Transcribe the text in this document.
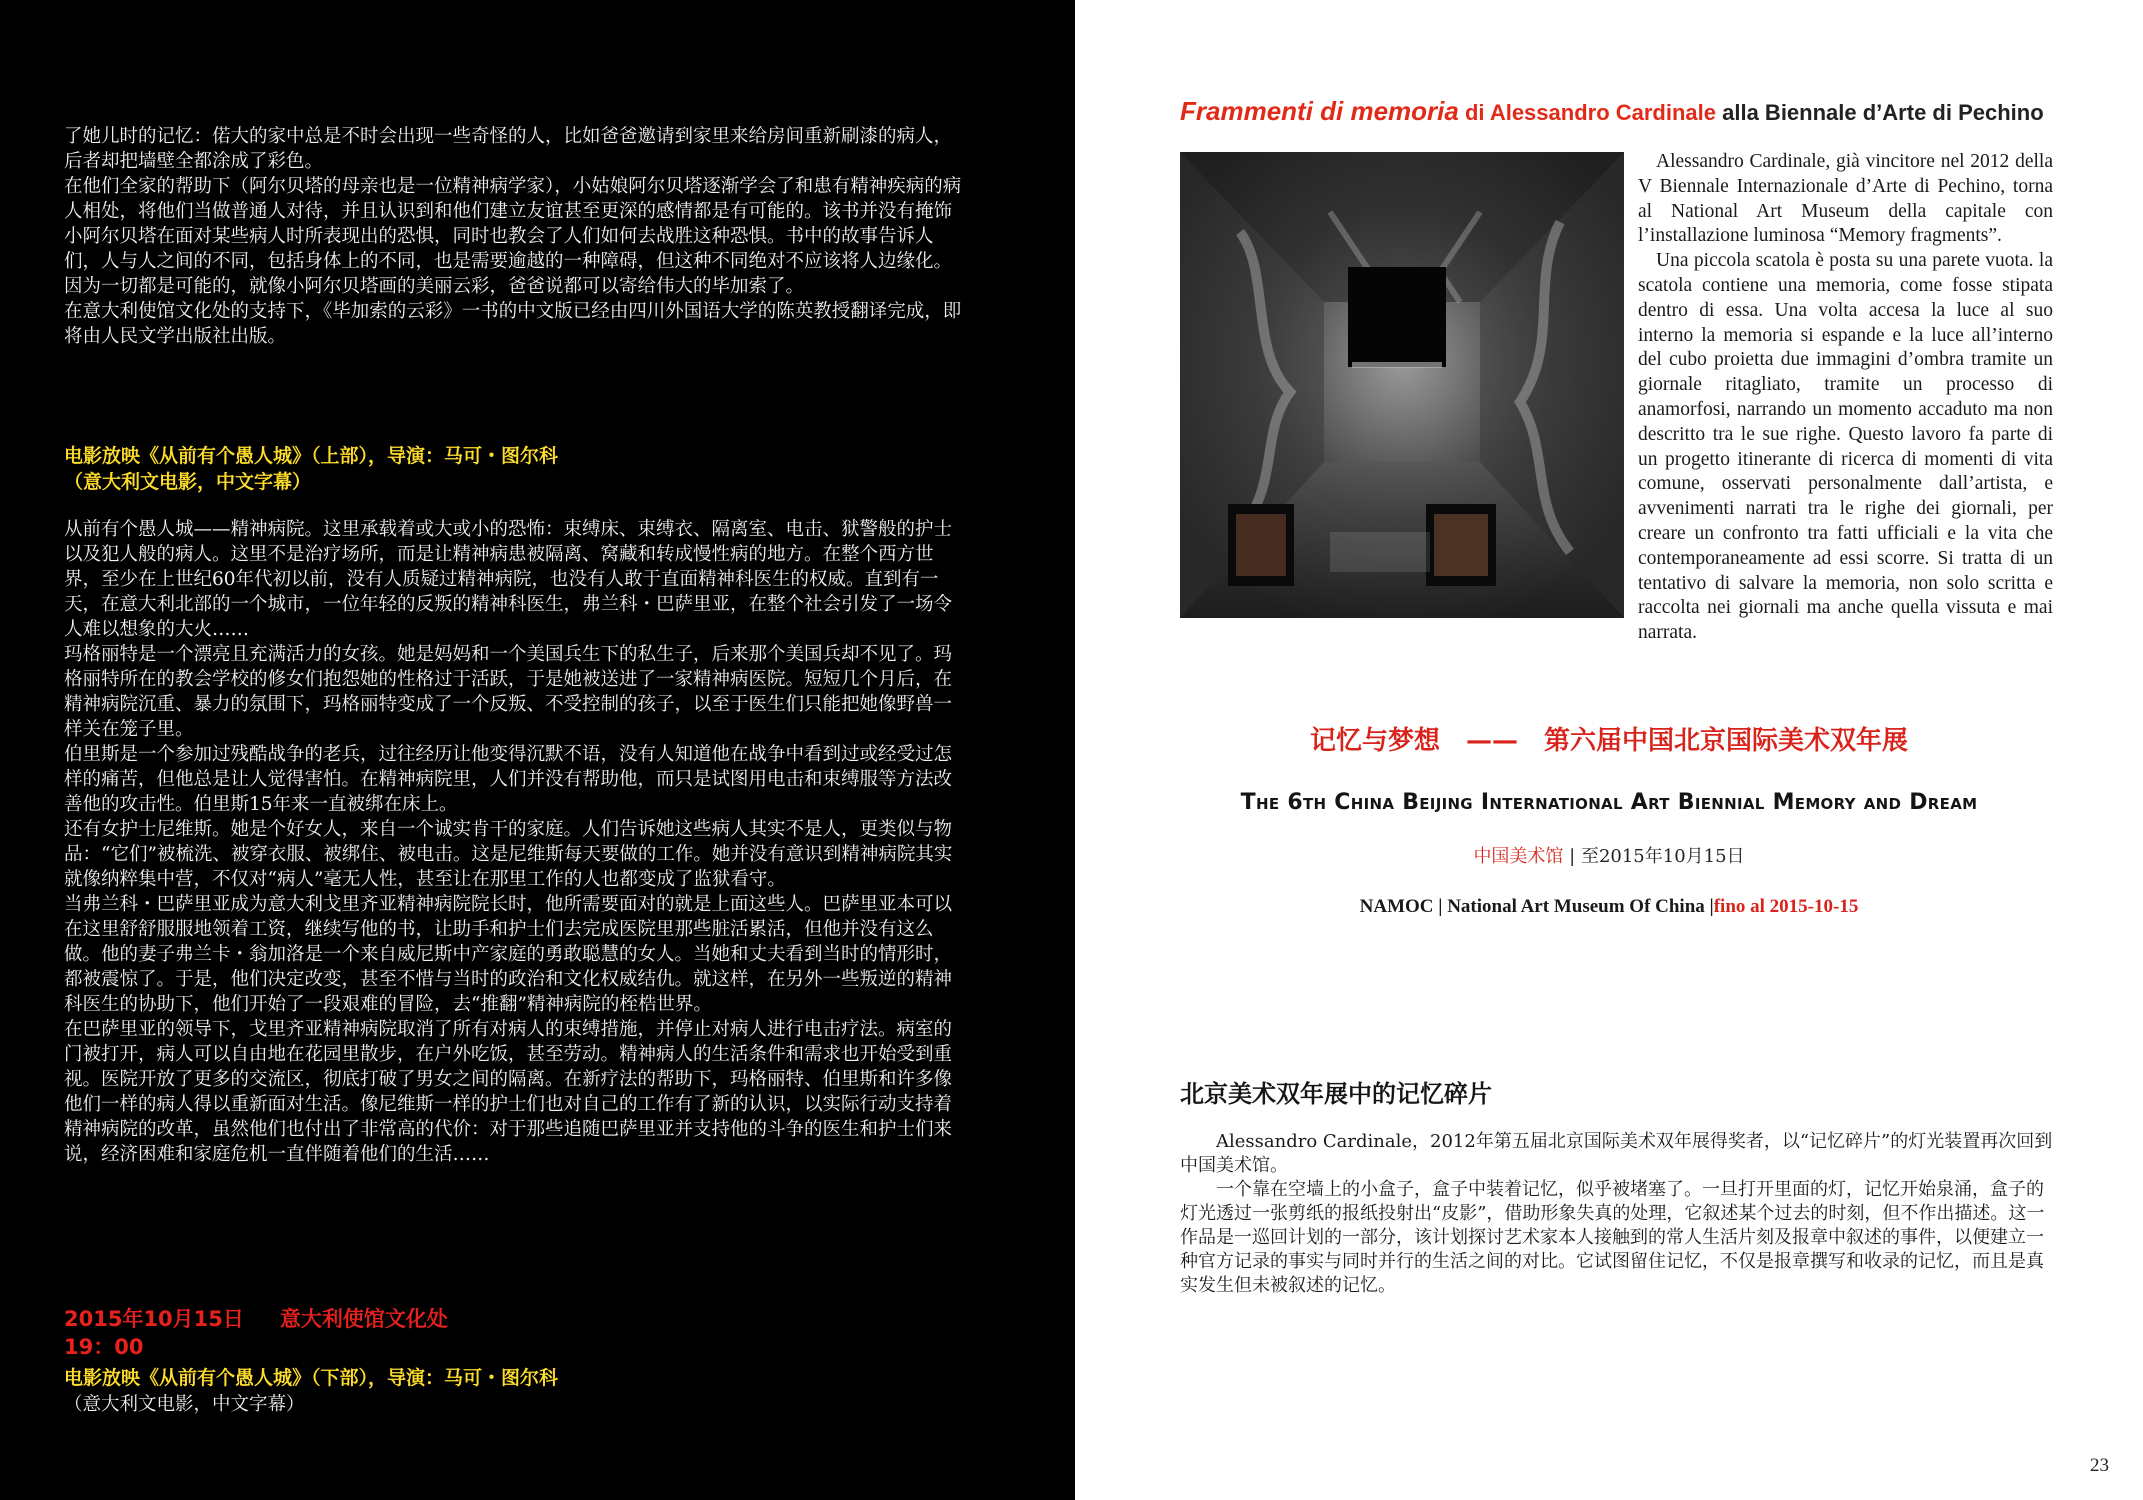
了她儿时的记忆：偌大的家中总是不时会出现一些奇怪的人，比如爸爸邀请到家里来给房间重新刷漆的病人，后者却把墙壁全都涂成了彩色。

在他们全家的帮助下（阿尔贝塔的母亲也是一位精神病学家），小姑娘阿尔贝塔逐渐学会了和患有精神疾病的病人相处，将他们当做普通人对待，并且认识到和他们建立友谊甚至更深的感情都是有可能的。该书并没有掩饰小阿尔贝塔在面对某些病人时所表现出的恐惧，同时也教会了人们如何去战胜这种恐惧。书中的故事告诉人们，人与人之间的不同，包括身体上的不同，也是需要逾越的一种障碍，但这种不同绝对不应该将人边缘化。因为一切都是可能的，就像小阿尔贝塔画的美丽云彩，爸爸说都可以寄给伟大的毕加索了。

在意大利使馆文化处的支持下，《毕加索的云彩》一书的中文版已经由四川外国语大学的陈英教授翻译完成，即将由人民文学出版社出版。

电影放映《从前有个愚人城》（上部），导演：马可・图尔科
（意大利文电影，中文字幕）

从前有个愚人城——精神病院。这里承载着或大或小的恐怖：束缚床、束缚衣、隔离室、电击、狱警般的护士以及犯人般的病人。这里不是治疗场所，而是让精神病患被隔离、窝藏和转成慢性病的地方。在整个西方世界，至少在上世纪60年代初以前，没有人质疑过精神病院，也没有人敢于直面精神科医生的权威。直到有一天，在意大利北部的一个城市，一位年轻的反叛的精神科医生，弗兰科・巴萨里亚，在整个社会引发了一场令人难以想象的大火……

玛格丽特是一个漂亮且充满活力的女孩。她是妈妈和一个美国兵生下的私生子，后来那个美国兵却不见了。玛格丽特所在的教会学校的修女们抱怨她的性格过于活跃，于是她被送进了一家精神病医院。短短几个月后，在精神病院沉重、暴力的氛围下，玛格丽特变成了一个反叛、不受控制的孩子，以至于医生们只能把她像野兽一样关在笼子里。

伯里斯是一个参加过残酷战争的老兵，过往经历让他变得沉默不语，没有人知道他在战争中看到过或经受过怎样的痛苦，但他总是让人觉得害怕。在精神病院里，人们并没有帮助他，而只是试图用电击和束缚服等方法改善他的攻击性。伯里斯15年来一直被绑在床上。

还有女护士尼维斯。她是个好女人，来自一个诚实肯干的家庭。人们告诉她这些病人其实不是人，更类似与物品：“它们”被梳洗、被穿衣服、被绑住、被电击。这是尼维斯每天要做的工作。她并没有意识到精神病院其实就像纳粹集中营，不仅对“病人”毫无人性，甚至让在那里工作的人也都变成了监狱看守。

当弗兰科・巴萨里亚成为意大利戈里齐亚精神病院院长时，他所需要面对的就是上面这些人。巴萨里亚本可以在这里舒舒服服地领着工资，继续写他的书，让助手和护士们去完成医院里那些脏活累活，但他并没有这么做。他的妻子弗兰卡・翁加洛是一个来自威尼斯中产家庭的勇敢聪慧的女人。当她和丈夫看到当时的情形时，都被震惊了。于是，他们决定改变，甚至不惜与当时的政治和文化权威结仇。就这样，在另外一些叛逆的精神科医生的协助下，他们开始了一段艰难的冒险，去“推翻”精神病院的桎梏世界。

在巴萨里亚的领导下，戈里齐亚精神病院取消了所有对病人的束缚措施，并停止对病人进行电击疗法。病室的门被打开，病人可以自由地在花园里散步，在户外吃饭，甚至劳动。精神病人的生活条件和需求也开始受到重视。医院开放了更多的交流区，彻底打破了男女之间的隔离。在新疗法的帮助下，玛格丽特、伯里斯和许多像他们一样的病人得以重新面对生活。像尼维斯一样的护士们也对自己的工作有了新的认识，以实际行动支持着精神病院的改革，虽然他们也付出了非常高的代价：对于那些追随巴萨里亚并支持他的斗争的医生和护士们来说，经济困难和家庭危机一直伴随着他们的生活……

2015年10月15日 意大利使馆文化处

19：00

电影放映《从前有个愚人城》（下部），导演：马可・图尔科

（意大利文电影，中文字幕）

Frammenti di memoria di Alessandro Cardinale alla Biennale d’Arte di Pechino

Alessandro Cardinale, già vincitore nel 2012 della V Biennale Internazionale d’Arte di Pechino, torna al National Art Museum della capitale con l’installazione luminosa “Memory fragments”.

Una piccola scatola è posta su una parete vuota. la scatola contiene una memoria, come fosse stipata dentro di essa. Una volta accesa la luce al suo interno la memoria si espande e la luce all’interno del cubo proietta due immagini d’ombra tramite un giornale ritagliato, tramite un processo di anamorfosi, narrando un momento accaduto ma non descritto tra le sue righe. Questo lavoro fa parte di un progetto itinerante di ricerca di momenti di vita comune, osservati personalmente dall’artista, e avvenimenti narrati tra le righe dei giornali, per creare un confronto tra fatti ufficiali e la vita che contemporaneamente ad essi scorre. Si tratta di un tentativo di salvare la memoria, non solo scritta e raccolta nei giornali ma anche quella vissuta e mai narrata.

记忆与梦想　——　第六届中国北京国际美术双年展
The 6th China Beijing International Art Biennial Memory and Dream

中国美术馆 | 至2015年10月15日

NAMOC | National Art Museum Of China |fino al 2015-10-15

北京美术双年展中的记忆碎片

Alessandro Cardinale，2012年第五届北京国际美术双年展得奖者，以“记忆碎片”的灯光装置再次回到中国美术馆。

一个靠在空墙上的小盒子，盒子中装着记忆，似乎被堵塞了。一旦打开里面的灯，记忆开始泉涌，盒子的灯光透过一张剪纸的报纸投射出“皮影”，借助形象失真的处理，它叙述某个过去的时刻，但不作出描述。这一作品是一巡回计划的一部分，该计划探讨艺术家本人接触到的常人生活片刻及报章中叙述的事件，以便建立一种官方记录的事实与同时并行的生活之间的对比。它试图留住记忆，不仅是报章撰写和收录的记忆，而且是真实发生但未被叙述的记忆。

23
